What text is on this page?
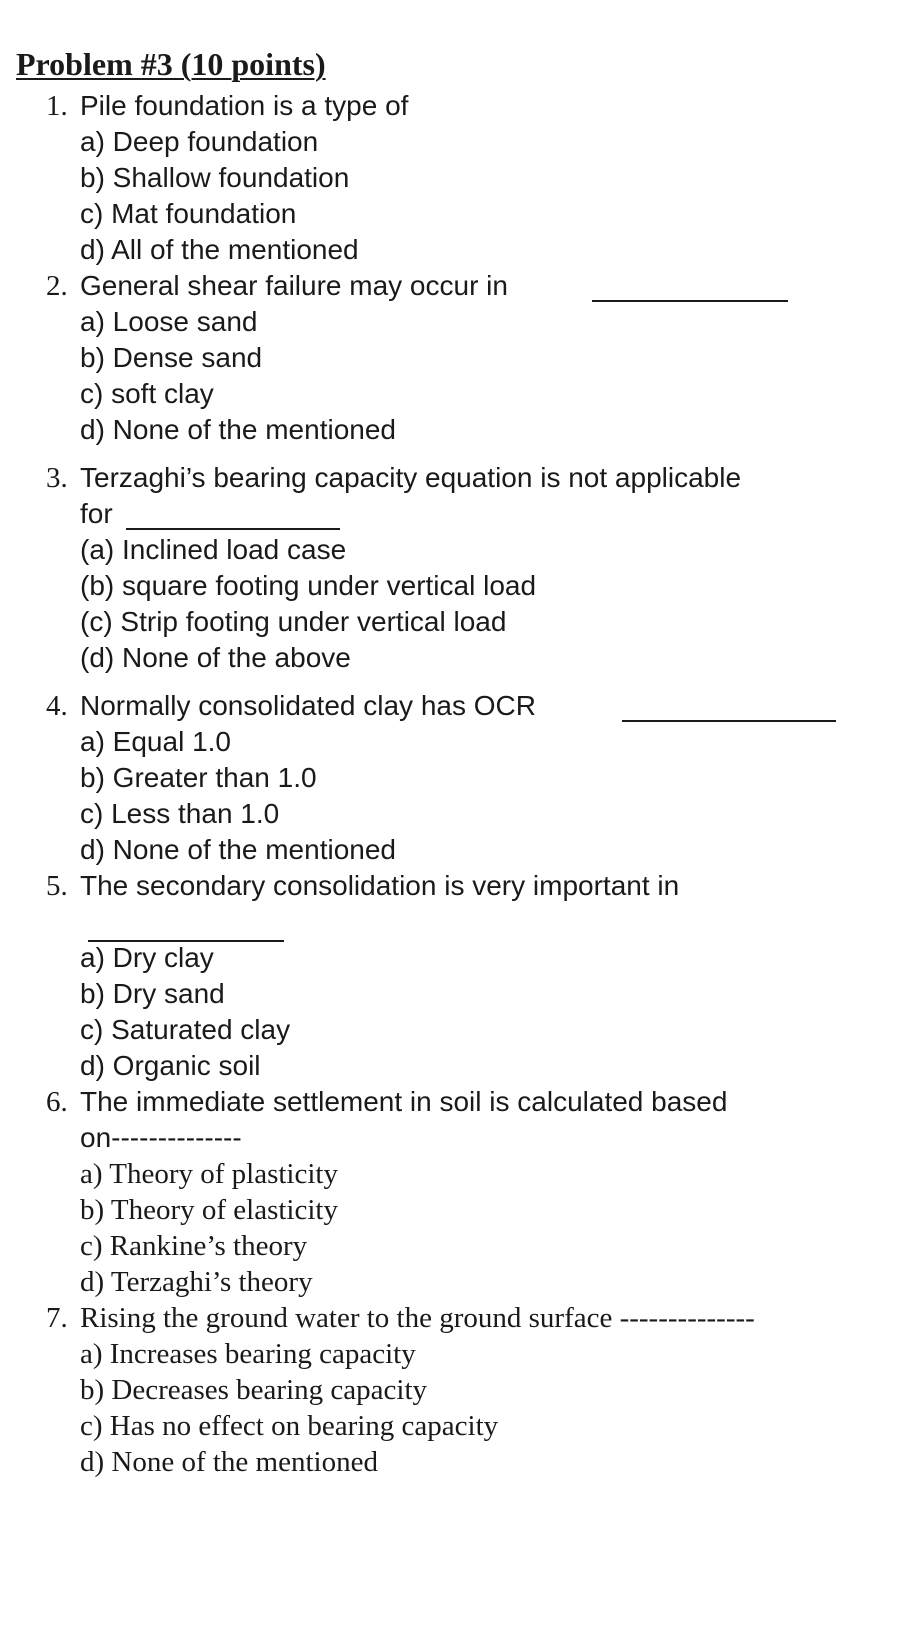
Problem #3 (10 points)
1. Pile foundation is a type of
a) Deep foundation
b) Shallow foundation
c) Mat foundation
d) All of the mentioned
2. General shear failure may occur in
a) Loose sand
b) Dense sand
c) soft clay
d) None of the mentioned
3. Terzaghi’s bearing capacity equation is not applicable
for
(a) Inclined load case
(b) square footing under vertical load
(c) Strip footing under vertical load
(d) None of the above
4. Normally consolidated clay has OCR
a) Equal 1.0
b) Greater than 1.0
c) Less than 1.0
d) None of the mentioned
5. The secondary consolidation is very important in
a) Dry clay
b) Dry sand
c) Saturated clay
d) Organic soil
6. The immediate settlement in soil is calculated based
on--------------
a) Theory of plasticity
b) Theory of elasticity
c) Rankine’s theory
d) Terzaghi’s theory
7. Rising the ground water to the ground surface --------------
a) Increases bearing capacity
b) Decreases bearing capacity
c) Has no effect on bearing capacity
d) None of the mentioned
